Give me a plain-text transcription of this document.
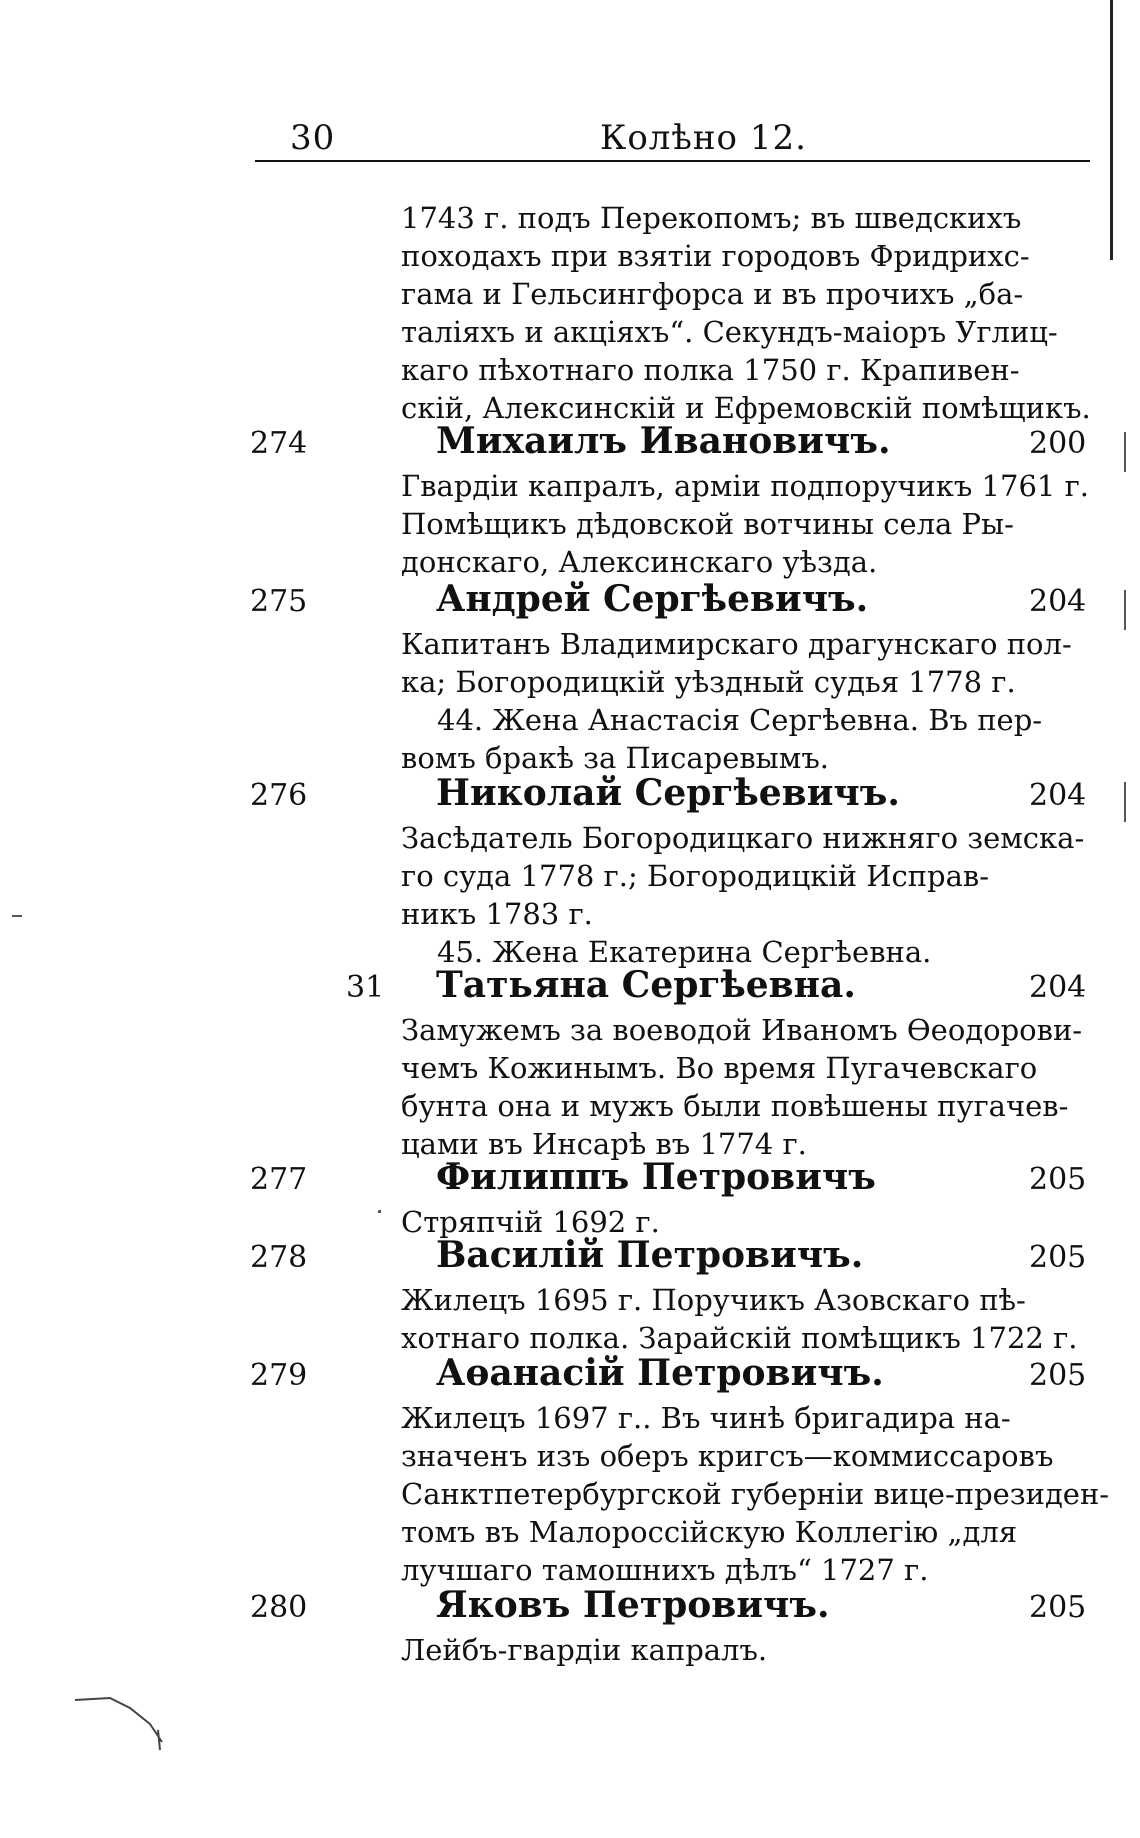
30	Колѣно 12.
1743 г. подъ Перекопомъ; въ шведскихъ
походахъ при взятіи городовъ Фридрихс-
гама и Гельсингфорса и въ прочихъ „ба-
таліяхъ и акціяхъ“. Секундъ-маіоръ Углиц-
каго пѣхотнаго полка 1750 г. Крапивен-
скій, Алексинскій и Ефремовскій помѣщикъ.
274	Михаилъ Ивановичъ.	200
Гвардіи капралъ, арміи подпоручикъ 1761 г.
Помѣщикъ дѣдовской вотчины села Ры-
донскаго, Алексинскаго уѣзда.
275	Андрей Сергѣевичъ.	204
Капитанъ Владимирскаго драгунскаго пол-
ка; Богородицкій уѣздный судья 1778 г.
44. Жена Анастасія Сергѣевна. Въ пер-
вомъ бракѣ за Писаревымъ.
276	Николай Сергѣевичъ.	204
Засѣдатель Богородицкаго нижняго земска-
го суда 1778 г.; Богородицкій Исправ-
никъ 1783 г.
45. Жена Екатерина Сергѣевна.
31 Татьяна Сергѣевна.	204
Замужемъ за воеводой Иваномъ Өеодорови-
чемъ Кожинымъ. Во время Пугачевскаго
бунта она и мужъ были повѣшены пугачев-
цами въ Инсарѣ въ 1774 г.
277	Филиппъ Петровичъ	205
Стряпчій 1692 г.
278	Василій Петровичъ.	205
Жилецъ 1695 г. Поручикъ Азовскаго пѣ-
хотнаго полка. Зарайскій помѣщикъ 1722 г.
279	Аөанасій Петровичъ.	205
Жилецъ 1697 г.. Въ чинѣ бригадира на-
значенъ изъ оберъ кригсъ—коммиссаровъ
Санктпетербургской губерніи вице-президен-
томъ въ Малороссійскую Коллегію „для
лучшаго тамошнихъ дѣлъ“ 1727 г.
280	Яковъ Петровичъ.	205
Лейбъ-гвардіи капралъ.
